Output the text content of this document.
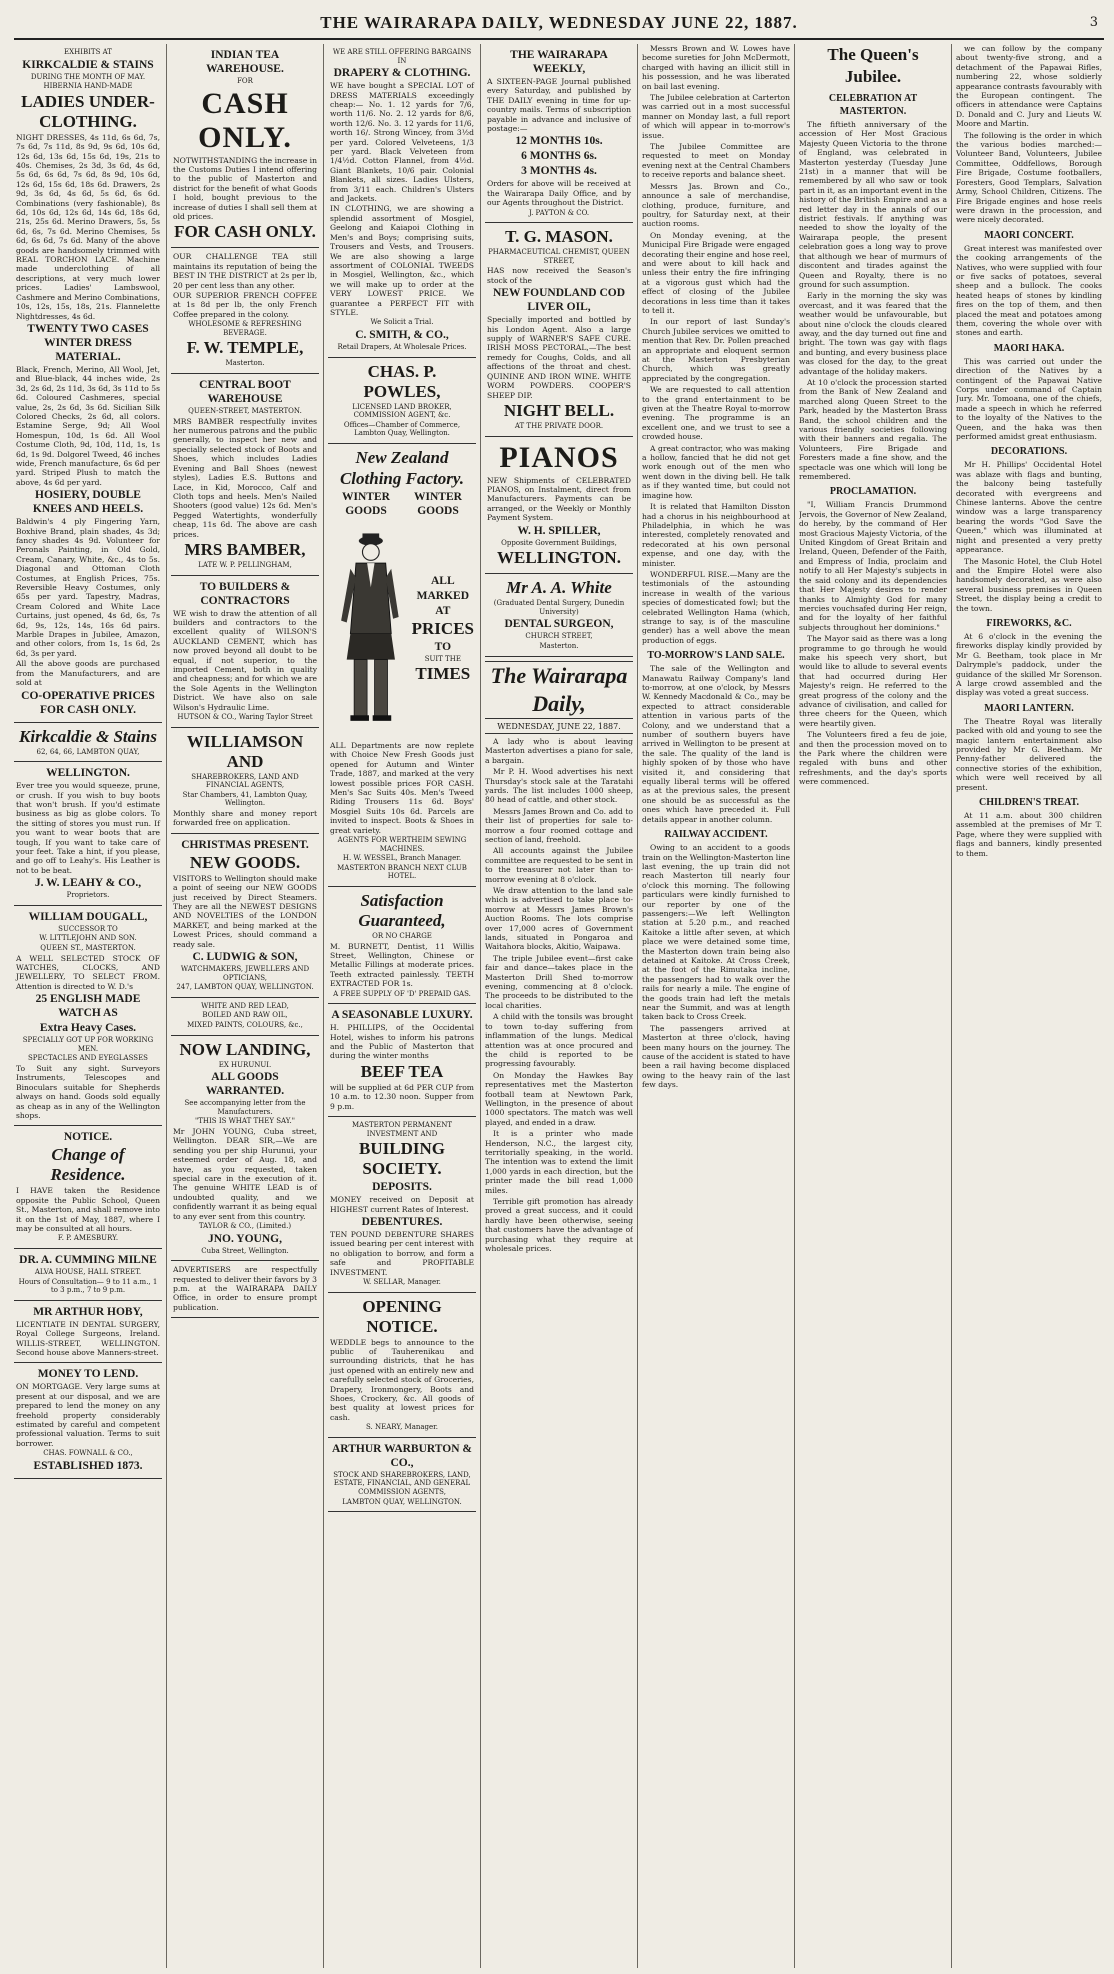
THE WAIRARAPA DAILY, WEDNESDAY JUNE 22, 1887.	3

EXHIBITS AT

KIRKCALDIE & STAINS

DURING THE MONTH OF MAY.

HIBERNIA HAND-MADE

LADIES UNDER-CLOTHING.

NIGHT DRESSES, 4s 11d, 6s 6d, 7s, 7s 6d, 7s 11d, 8s 9d, 9s 6d, 10s 6d, 12s 6d, 13s 6d, 15s 6d, 19s, 21s to 40s. Chemises, 2s 3d, 3s 6d, 4s 6d, 5s 6d, 6s 6d, 7s 6d, 8s 9d, 10s 6d, 12s 6d, 15s 6d, 18s 6d. Drawers, 2s 9d, 3s 6d, 4s 6d, 5s 6d, 6s 6d. Combinations (very fashionable), 8s 6d, 10s 6d, 12s 6d, 14s 6d, 18s 6d, 21s, 25s 6d. Merino Drawers, 5s, 5s 6d, 6s, 7s 6d. Merino Chemises, 5s 6d, 6s 6d, 7s 6d. Many of the above goods are handsomely trimmed with REAL TORCHON LACE. Machine made underclothing of all descriptions, at very much lower prices. Ladies' Lambswool, Cashmere and Merino Combinations, 10s, 12s, 15s, 18s, 21s. Flannelette Nightdresses, 4s 6d.

TWENTY TWO CASES WINTER DRESS MATERIAL.

Black, French, Merino, All Wool, Jet, and Blue-black, 44 inches wide, 2s 3d, 2s 6d, 2s 11d, 3s 6d, 3s 11d to 5s 6d. Coloured Cashmeres, special value, 2s, 2s 6d, 3s 6d. Sicilian Silk Colored Checks, 2s 6d, all colors. Estamine Serge, 9d; All Wool Homespun, 10d, 1s 6d. All Wool Costume Cloth, 9d, 10d, 11d, 1s, 1s 6d, 1s 9d. Dolgorel Tweed, 46 inches wide, French manufacture, 6s 6d per yard. Striped Plush to match the above, 4s 6d per yard.

HOSIERY, DOUBLE KNEES AND HEELS.

Baldwin's 4 ply Fingering Yarn, Boxhive Brand, plain shades, 4s 3d; fancy shades 4s 9d. Volunteer for Peronals Painting, in Old Gold, Cream, Canary, White, &c., 4s to 5s. Diagonal and Ottoman Cloth Costumes, at English Prices, 75s. Reversible Heavy Costumes, only 65s per yard. Tapestry, Madras, Cream Colored and White Lace Curtains, just opened, 4s 6d, 6s, 7s 6d, 9s, 12s, 14s, 16s 6d pairs. Marble Drapes in Jubilee, Amazon, and other colors, from 1s, 1s 6d, 2s 6d, 3s per yard.

All the above goods are purchased from the Manufacturers, and are sold at

CO-OPERATIVE PRICES FOR CASH ONLY.

Kirkcaldie & Stains

62, 64, 66, LAMBTON QUAY,

WELLINGTON.

Ever tree you would squeeze, prune, or crush. If you wish to buy boots that won't brush. If you'd estimate business as big as globe colors. To the sitting of stores you must run. If you want to wear boots that are tough, If you want to take care of your feet. Take a hint, if you please, and go off to Leahy's. His Leather is not to be beat.

J. W. LEAHY & CO.,

Proprietors.

WILLIAM DOUGALL,

SUCCESSOR TO

W. LITTLEJOHN AND SON.

QUEEN ST., MASTERTON.

A WELL SELECTED STOCK OF WATCHES, CLOCKS, AND JEWELLERY, TO SELECT FROM. Attention is directed to W. D.'s

25 ENGLISH MADE WATCH AS

Extra Heavy Cases.

SPECIALLY GOT UP FOR WORKING MEN.

SPECTACLES AND EYEGLASSES

To Suit any sight. Surveyors Instruments, Telescopes and Binoculars suitable for Shepherds always on hand. Goods sold equally as cheap as in any of the Wellington shops.

NOTICE.

Change of Residence.

I HAVE taken the Residence opposite the Public School, Queen St., Masterton, and shall remove into it on the 1st of May, 1887, where I may be consulted at all hours.

F. P. AMESBURY.

DR. A. CUMMING MILNE

ALVA HOUSE, HALL STREET.

Hours of Consultation— 9 to 11 a.m., 1 to 3 p.m., 7 to 9 p.m.

MR ARTHUR HOBY,

LICENTIATE IN DENTAL SURGERY, Royal College Surgeons, Ireland. WILLIS-STREET, WELLINGTON. Second house above Manners-street.

MONEY TO LEND.

ON MORTGAGE. Very large sums at present at our disposal, and we are prepared to lend the money on any freehold property considerably estimated by careful and competent professional valuation. Terms to suit borrower.

CHAS. FOWNALL & CO.,

ESTABLISHED 1873.

INDIAN TEA WAREHOUSE.

FOR

CASH ONLY.

NOTWITHSTANDING the increase in the Customs Duties I intend offering to the public of Masterton and district for the benefit of what Goods I hold, bought previous to the increase of duties I shall sell them at old prices.

FOR CASH ONLY.

OUR CHALLENGE TEA still maintains its reputation of being the BEST IN THE DISTRICT at 2s per lb, 20 per cent less than any other.

OUR SUPERIOR FRENCH COFFEE at 1s 8d per lb, the only French Coffee prepared in the colony.

WHOLESOME & REFRESHING BEVERAGE.

F. W. TEMPLE,

Masterton.

CENTRAL BOOT WAREHOUSE

QUEEN-STREET, MASTERTON.

MRS BAMBER respectfully invites her numerous patrons and the public generally, to inspect her new and specially selected stock of Boots and Shoes, which includes Ladies Evening and Ball Shoes (newest styles), Ladies E.S. Buttons and Lace, in Kid, Morocco, Calf and Cloth tops and heels. Men's Nailed Shooters (good value) 12s 6d. Men's Pegged Watertights, wonderfully cheap, 11s 6d. The above are cash prices.

MRS BAMBER,

LATE W. P. PELLINGHAM,

TO BUILDERS & CONTRACTORS

WE wish to draw the attention of all builders and contractors to the excellent quality of WILSON'S AUCKLAND CEMENT, which has now proved beyond all doubt to be equal, if not superior, to the imported Cement, both in quality and cheapness; and for which we are the Sole Agents in the Wellington District. We have also on sale Wilson's Hydraulic Lime.

HUTSON & CO., Waring Taylor Street

WILLIAMSON AND

SHAREBROKERS, LAND AND FINANCIAL AGENTS,

Star Chambers, 41, Lambton Quay, Wellington.

Monthly share and money report forwarded free on application.

CHRISTMAS PRESENT.

NEW GOODS.

VISITORS to Wellington should make a point of seeing our NEW GOODS just received by Direct Steamers. They are all the NEWEST DESIGNS AND NOVELTIES of the LONDON MARKET, and being marked at the Lowest Prices, should command a ready sale.

C. LUDWIG & SON,

WATCHMAKERS, JEWELLERS AND OPTICIANS,

247, LAMBTON QUAY, WELLINGTON.

WHITE AND RED LEAD,

BOILED AND RAW OIL,

MIXED PAINTS, COLOURS, &c.,

NOW LANDING,

EX HURUNUI.

ALL GOODS WARRANTED.

See accompanying letter from the Manufacturers.

"THIS IS WHAT THEY SAY."

Mr JOHN YOUNG, Cuba street, Wellington. DEAR SIR,—We are sending you per ship Hurunui, your esteemed order of Aug. 18, and have, as you requested, taken special care in the execution of it. The genuine WHITE LEAD is of undoubted quality, and we confidently warrant it as being equal to any ever sent from this country.

TAYLOR & CO., (Limited.)

JNO. YOUNG,

Cuba Street, Wellington.

ADVERTISERS are respectfully requested to deliver their favors by 3 p.m. at the WAIRARAPA DAILY Office, in order to ensure prompt publication.

WE ARE STILL OFFERING BARGAINS IN

DRAPERY & CLOTHING.

WE have bought a SPECIAL LOT of DRESS MATERIALS exceedingly cheap:— No. 1. 12 yards for 7/6, worth 11/6. No. 2. 12 yards for 8/6, worth 12/6. No. 3. 12 yards for 11/6, worth 16/. Strong Wincey, from 3½d per yard. Colored Velveteens, 1/3 per yard. Black Velveteen from 1/4½d. Cotton Flannel, from 4½d. Giant Blankets, 10/6 pair. Colonial Blankets, all sizes. Ladies Ulsters, from 3/11 each. Children's Ulsters and Jackets.

IN CLOTHING, we are showing a splendid assortment of Mosgiel, Geelong and Kaiapoi Clothing in Men's and Boys; comprising suits, Trousers and Vests, and Trousers. We are also showing a large assortment of COLONIAL TWEEDS in Mosgiel, Wellington, &c., which we will make up to order at the VERY LOWEST PRICE. We guarantee a PERFECT FIT with STYLE.

We Solicit a Trial.

C. SMITH, & CO.,

Retail Drapers, At Wholesale Prices.

CHAS. P. POWLES,

LICENSED LAND BROKER, COMMISSION AGENT, &c.

Offices—Chamber of Commerce, Lambton Quay, Wellington.

New Zealand

Clothing Factory.

WINTER GOODS
WINTER GOODS

ALL

MARKED

AT

PRICES

TO

SUIT THE

TIMES

ALL Departments are now replete with Choice New Fresh Goods just opened for Autumn and Winter Trade, 1887, and marked at the very lowest possible prices FOR CASH. Men's Sac Suits 40s. Men's Tweed Riding Trousers 11s 6d. Boys' Mosgiel Suits 10s 6d. Parcels are invited to inspect. Boots & Shoes in great variety.

AGENTS FOR WERTHEIM SEWING MACHINES.

H. W. WESSEL, Branch Manager.

MASTERTON BRANCH NEXT CLUB HOTEL.

Satisfaction Guaranteed,

OR NO CHARGE

M. BURNETT, Dentist, 11 Willis Street, Wellington, Chinese or Metallic Fillings at moderate prices. Teeth extracted painlessly. TEETH EXTRACTED FOR 1s.

A FREE SUPPLY OF 'D' PREPAID GAS.

A SEASONABLE LUXURY.

H. PHILLIPS, of the Occidental Hotel, wishes to inform his patrons and the Public of Masterton that during the winter months

BEEF TEA

will be supplied at 6d PER CUP from 10 a.m. to 12.30 noon. Supper from 9 p.m.

MASTERTON PERMANENT INVESTMENT AND

BUILDING SOCIETY.

DEPOSITS.

MONEY received on Deposit at HIGHEST current Rates of Interest.

DEBENTURES.

TEN POUND DEBENTURE SHARES issued bearing per cent interest with no obligation to borrow, and form a safe and PROFITABLE INVESTMENT.

W. SELLAR, Manager.

OPENING NOTICE.

WEDDLE begs to announce to the public of Tauherenikau and surrounding districts, that he has just opened with an entirely new and carefully selected stock of Groceries, Drapery, Ironmongery, Boots and Shoes, Crockery, &c. All goods of best quality at lowest prices for cash.

S. NEARY, Manager.

ARTHUR WARBURTON & CO.,

STOCK AND SHAREBROKERS, LAND, ESTATE, FINANCIAL, AND GENERAL COMMISSION AGENTS,

LAMBTON QUAY, WELLINGTON.

THE WAIRARAPA WEEKLY,

A SIXTEEN-PAGE Journal published every Saturday, and published by THE DAILY evening in time for up-country mails. Terms of subscription payable in advance and inclusive of postage:—

12 MONTHS 10s.

6 MONTHS 6s.

3 MONTHS 4s.

Orders for above will be received at the Wairarapa Daily Office, and by our Agents throughout the District.

J. PAYTON & CO.

T. G. MASON.

PHARMACEUTICAL CHEMIST, QUEEN STREET,

HAS now received the Season's stock of the

NEW FOUNDLAND COD LIVER OIL,

Specially imported and bottled by his London Agent. Also a large supply of WARNER'S SAFE CURE. IRISH MOSS PECTORAL,—The best remedy for Coughs, Colds, and all affections of the throat and chest. QUININE AND IRON WINE. WHITE WORM POWDERS. COOPER'S SHEEP DIP.

NIGHT BELL.

AT THE PRIVATE DOOR.

PIANOS

NEW Shipments of CELEBRATED PIANOS, on Instalment, direct from Manufacturers. Payments can be arranged, or the Weekly or Monthly Payment System.

W. H. SPILLER,

Opposite Government Buildings,

WELLINGTON.

Mr A. A. White

(Graduated Dental Surgery, Dunedin University)

DENTAL SURGEON,

CHURCH STREET,

Masterton.

The Wairarapa Daily,
WEDNESDAY, JUNE 22, 1887.

A lady who is about leaving Masterton advertises a piano for sale, a bargain.

Mr P. H. Wood advertises his next Thursday's stock sale at the Taratahi yards. The list includes 1000 sheep, 80 head of cattle, and other stock.

Messrs James Brown and Co. add to their list of properties for sale to-morrow a four roomed cottage and section of land, freehold.

All accounts against the Jubilee committee are requested to be sent in to the treasurer not later than to-morrow evening at 8 o'clock.

We draw attention to the land sale which is advertised to take place to-morrow at Messrs James Brown's Auction Rooms. The lots comprise over 17,000 acres of Government lands, situated in Pongaroa and Waitahora blocks, Akitio, Waipawa.

The triple Jubilee event—first cake fair and dance—takes place in the Masterton Drill Shed to-morrow evening, commencing at 8 o'clock. The proceeds to be distributed to the local charities.

A child with the tonsils was brought to town to-day suffering from inflammation of the lungs. Medical attention was at once procured and the child is reported to be progressing favourably.

On Monday the Hawkes Bay representatives met the Masterton football team at Newtown Park, Wellington, in the presence of about 1000 spectators. The match was well played, and ended in a draw.

It is a printer who made Henderson, N.C., the largest city, territorially speaking, in the world. The intention was to extend the limit 1,000 yards in each direction, but the printer made the bill read 1,000 miles.

Terrible gift promotion has already proved a great success, and it could hardly have been otherwise, seeing that customers have the advantage of purchasing what they require at wholesale prices.

Messrs Brown and W. Lowes have become sureties for John McDermott, charged with having an illicit still in his possession, and he was liberated on bail last evening.

The Jubilee celebration at Carterton was carried out in a most successful manner on Monday last, a full report of which will appear in to-morrow's issue.

The Jubilee Committee are requested to meet on Monday evening next at the Central Chambers to receive reports and balance sheet.

Messrs Jas. Brown and Co., announce a sale of merchandise, clothing, produce, furniture, and poultry, for Saturday next, at their auction rooms.

On Monday evening, at the Municipal Fire Brigade were engaged decorating their engine and hose reel, and were about to kill hack and unless their entry the fire infringing at a vigorous gust which had the effect of closing of the Jubilee decorations in less time than it takes to tell it.

In our report of last Sunday's Church Jubilee services we omitted to mention that Rev. Dr. Pollen preached an appropriate and eloquent sermon at the Masterton Presbyterian Church, which was greatly appreciated by the congregation.

We are requested to call attention to the grand entertainment to be given at the Theatre Royal to-morrow evening. The programme is an excellent one, and we trust to see a crowded house.

A great contractor, who was making a hollow, fancied that he did not get work enough out of the men who went down in the diving bell. He talk as if they wanted time, but could not imagine how.

It is related that Hamilton Disston had a chorus in his neighbourhood at Philadelphia, in which he was interested, completely renovated and redecorated at his own personal expense, and one day, with the minister.

WONDERFUL RISE.—Many are the testimonials of the astounding increase in wealth of the various species of domesticated fowl; but the celebrated Wellington Hama (which, strange to say, is of the masculine gender) has a well above the mean production of eggs.

TO-MORROW'S LAND SALE.

The sale of the Wellington and Manawatu Railway Company's land to-morrow, at one o'clock, by Messrs W. Kennedy Macdonald & Co., may be expected to attract considerable attention in various parts of the Colony, and we understand that a number of southern buyers have arrived in Wellington to be present at the sale. The quality of the land is highly spoken of by those who have visited it, and considering that equally liberal terms will be offered as at the previous sales, the present one should be as successful as the ones which have preceded it. Full details appear in another column.

RAILWAY ACCIDENT.

Owing to an accident to a goods train on the Wellington-Masterton line last evening, the up train did not reach Masterton till nearly four o'clock this morning. The following particulars were kindly furnished to our reporter by one of the passengers:—We left Wellington station at 5.20 p.m., and reached Kaitoke a little after seven, at which place we were detained some time, the Masterton down train being also detained at Kaitoke. At Cross Creek, at the foot of the Rimutaka incline, the passengers had to walk over the rails for nearly a mile. The engine of the goods train had left the metals near the Summit, and was at length taken back to Cross Creek.

The passengers arrived at Masterton at three o'clock, having been many hours on the journey. The cause of the accident is stated to have been a rail having become displaced owing to the heavy rain of the last few days.

The Queen's Jubilee.
CELEBRATION AT MASTERTON.

The fiftieth anniversary of the accession of Her Most Gracious Majesty Queen Victoria to the throne of England, was celebrated in Masterton yesterday (Tuesday June 21st) in a manner that will be remembered by all who saw or took part in it, as an important event in the history of the British Empire and as a red letter day in the annals of our district festivals. If anything was needed to show the loyalty of the Wairarapa people, the present celebration goes a long way to prove that although we hear of murmurs of discontent and tirades against the Queen and Royalty, there is no ground for such assumption.

Early in the morning the sky was overcast, and it was feared that the weather would be unfavourable, but about nine o'clock the clouds cleared away, and the day turned out fine and bright. The town was gay with flags and bunting, and every business place was closed for the day, to the great advantage of the holiday makers.

At 10 o'clock the procession started from the Bank of New Zealand and marched along Queen Street to the Park, headed by the Masterton Brass Band, the school children and the various friendly societies following with their banners and regalia. The Volunteers, Fire Brigade and Foresters made a fine show, and the spectacle was one which will long be remembered.

PROCLAMATION.

"I, William Francis Drummond Jervois, the Governor of New Zealand, do hereby, by the command of Her most Gracious Majesty Victoria, of the United Kingdom of Great Britain and Ireland, Queen, Defender of the Faith, and Empress of India, proclaim and notify to all Her Majesty's subjects in the said colony and its dependencies that Her Majesty desires to render thanks to Almighty God for many mercies vouchsafed during Her reign, and for the loyalty of her faithful subjects throughout her dominions."

The Mayor said as there was a long programme to go through he would make his speech very short, but would like to allude to several events that had occurred during Her Majesty's reign. He referred to the great progress of the colony and the advance of civilisation, and called for three cheers for the Queen, which were heartily given.

The Volunteers fired a feu de joie, and then the procession moved on to the Park where the children were regaled with buns and other refreshments, and the day's sports were commenced.

we can follow by the company about twenty-five strong, and a detachment of the Papawai Rifles, numbering 22, whose soldierly appearance contrasts favourably with the European contingent. The officers in attendance were Captains D. Donald and C. Jury and Lieuts W. Moore and Martin.

The following is the order in which the various bodies marched:—Volunteer Band, Volunteers, Jubilee Committee, Oddfellows, Borough Fire Brigade, Costume footballers, Foresters, Good Templars, Salvation Army, School Children, Citizens. The Fire Brigade engines and hose reels were drawn in the procession, and were nicely decorated.

MAORI CONCERT.

Great interest was manifested over the cooking arrangements of the Natives, who were supplied with four or five sacks of potatoes, several sheep and a bullock. The cooks heated heaps of stones by kindling fires on the top of them, and then placed the meat and potatoes among them, covering the whole over with stones and earth.

MAORI HAKA.

This was carried out under the direction of the Natives by a contingent of the Papawai Native Corps under command of Captain Jury. Mr. Tomoana, one of the chiefs, made a speech in which he referred to the loyalty of the Natives to the Queen, and the haka was then performed amidst great enthusiasm.

DECORATIONS.

Mr H. Phillips' Occidental Hotel was ablaze with flags and bunting, the balcony being tastefully decorated with evergreens and Chinese lanterns. Above the centre window was a large transparency bearing the words "God Save the Queen," which was illuminated at night and presented a very pretty appearance.

The Masonic Hotel, the Club Hotel and the Empire Hotel were also handsomely decorated, as were also several business premises in Queen Street, the display being a credit to the town.

FIREWORKS, &C.

At 6 o'clock in the evening the fireworks display kindly provided by Mr G. Beetham, took place in Mr Dalrymple's paddock, under the guidance of the skilled Mr Sorenson. A large crowd assembled and the display was voted a great success.

MAORI LANTERN.

The Theatre Royal was literally packed with old and young to see the magic lantern entertainment also provided by Mr G. Beetham. Mr Penny-father delivered the connective stories of the exhibition, which were well received by all present.

CHILDREN'S TREAT.

At 11 a.m. about 300 children assembled at the premises of Mr T. Page, where they were supplied with flags and banners, kindly presented to them.
